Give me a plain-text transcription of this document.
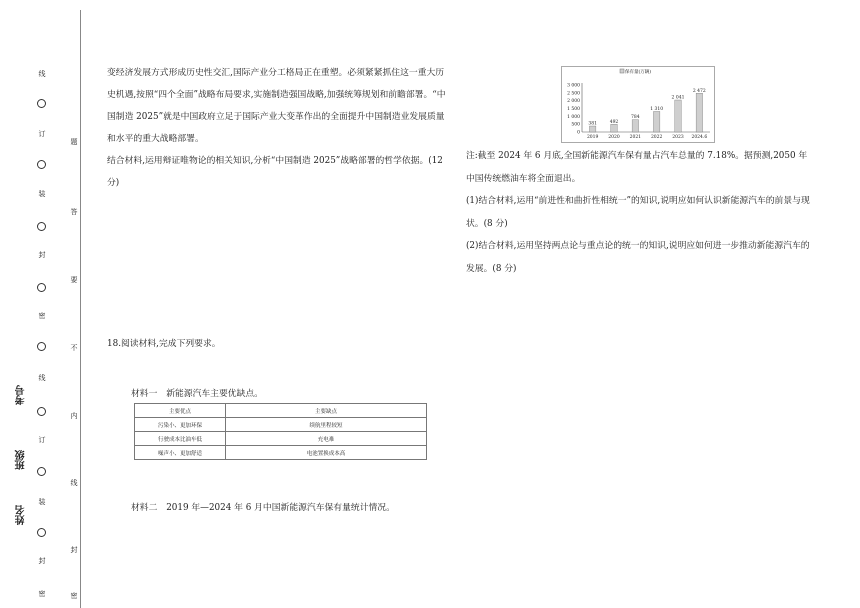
线
订
装
封
密
线
订
装
封
密
题
答
要
不
内
线
封
密
考号
班级
姓名

变经济发展方式形成历史性交汇,国际产业分工格局正在重塑。必须紧紧抓住这一重大历史机遇,按照“四个全面”战略布局要求,实施制造强国战略,加强统筹规划和前瞻部署。“中国制造 2025”就是中国政府立足于国际产业大变革作出的全面提升中国制造业发展质量和水平的重大战略部署。

结合材料,运用辩证唯物论的相关知识,分析“中国制造 2025”战略部署的哲学依据。(12 分)

18.阅读材料,完成下列要求。
材料一　新能源汽车主要优缺点。
主要优点	主要缺点
污染小、更加环保	续航里程较短
行驶成本比油车低	充电难
噪声小、更加舒适	电池置换成本高
材料二　2019 年—2024 年 6 月中国新能源汽车保有量统计情况。
保有量(万辆)
3 000
2 500
2 000
1 500
1 000
500
0
381
2019
492
2020
784
2021
1 310
2022
2 041
2023
2 472
2024.6

注:截至 2024 年 6 月底,全国新能源汽车保有量占汽车总量的 7.18%。据预测,2050 年中国传统燃油车将全面退出。

(1)结合材料,运用“前进性和曲折性相统一”的知识,说明应如何认识新能源汽车的前景与现状。(8 分)

(2)结合材料,运用坚持两点论与重点论的统一的知识,说明应如何进一步推动新能源汽车的发展。(8 分)
